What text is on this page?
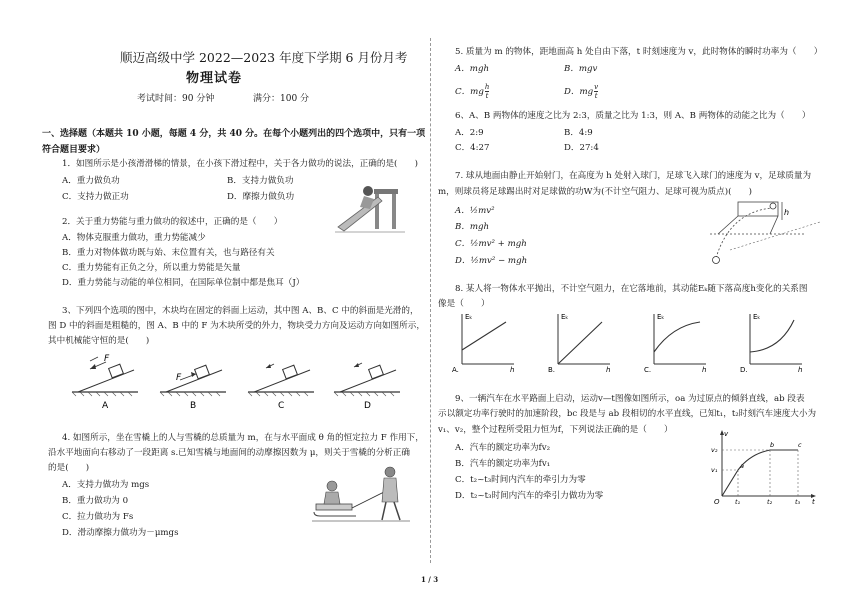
顺迈高级中学 2022—2023 年度下学期 6 月份月考
物理试卷
考试时间：90 分钟	满分：100 分
一、选择题（本题共 10 小题，每题 4 分，共 40 分。在每个小题列出的四个选项中，只有一项
符合题目要求）
1．如图所示是小孩滑滑梯的情景，在小孩下滑过程中，关于各力做功的说法，正确的是(　　)
A．重力做负功	B．支持力做负功
C．支持力做正功	D．摩擦力做负功
2．关于重力势能与重力做功的叙述中，正确的是（　　）
A．物体克服重力做功，重力势能减少
B．重力对物体做功既与始、末位置有关，也与路径有关
C．重力势能有正负之分，所以重力势能是矢量
D．重力势能与动能的单位相同，在国际单位制中都是焦耳（J）
3、下列四个选项的图中，木块均在固定的斜面上运动，其中图 A、B、C 中的斜面是光滑的，
图 D 中的斜面是粗糙的，图 A、B 中的 F 为木块所受的外力，物块受力方向及运动方向如图所示，
其中机械能守恒的是(　　)
F
A
F
B	C	D
4. 如图所示，坐在雪橇上的人与雪橇的总质量为 m，在与水平面成 θ 角的恒定拉力 F 作用下，
沿水平地面向右移动了一段距离 s.已知雪橇与地面间的动摩擦因数为 μ，则关于雪橇的分析正确
的是(　　)
A．支持力做功为 mgs
B．重力做功为 0
C．拉力做功为 Fs
D．滑动摩擦力做功为－μmgs
5. 质量为 m 的物体，距地面高 h 处自由下落，t 时刻速度为 v，此时物体的瞬时功率为（　　）
A．mgh	B．mgv
C．mg $\frac{h}{t}$	D．mg $\frac{v}{t}$
6、A、B 两物体的速度之比为 2:3，质量之比为 1:3，则 A、B 两物体的动能之比为（　　）
A．2:9	B．4:9
C．4:27	D．27:4
7. 球从地面由静止开始射门，在高度为 h 处射入球门，足球飞入球门的速度为 v，足球质量为
m，则球员将足球踢出时对足球做的功W为(不计空气阻力、足球可视为质点)(　　)
A．½mv²
B．mgh
C．½mv² + mgh
D．½mv² − mgh
h
8. 某人将一物体水平抛出，不计空气阻力，在它落地前，其动能Eₖ随下落高度h变化的关系图
像是（　　）
Eₖ
h
A.
Eₖ
h
B.
Eₖ
h
C.
Eₖ
h
D.
9、一辆汽车在水平路面上启动，运动v—t图像如图所示，oa 为过原点的倾斜直线，ab 段表
示以额定功率行驶时的加速阶段，bc 段是与 ab 段相切的水平直线，已知t₁，t₂时刻汽车速度大小为
v₁、v₂，整个过程所受阻力恒为f，下列说法正确的是（　　）
A．汽车的额定功率为fv₂
B．汽车的额定功率为fv₁
C．t₂~t₃时间内汽车的牵引力为零
D．t₂~t₃时间内汽车的牵引力做功为零
v
t
O
v₂
v₁
t₁	t₂	t₃
a
b	c
1 / 3
